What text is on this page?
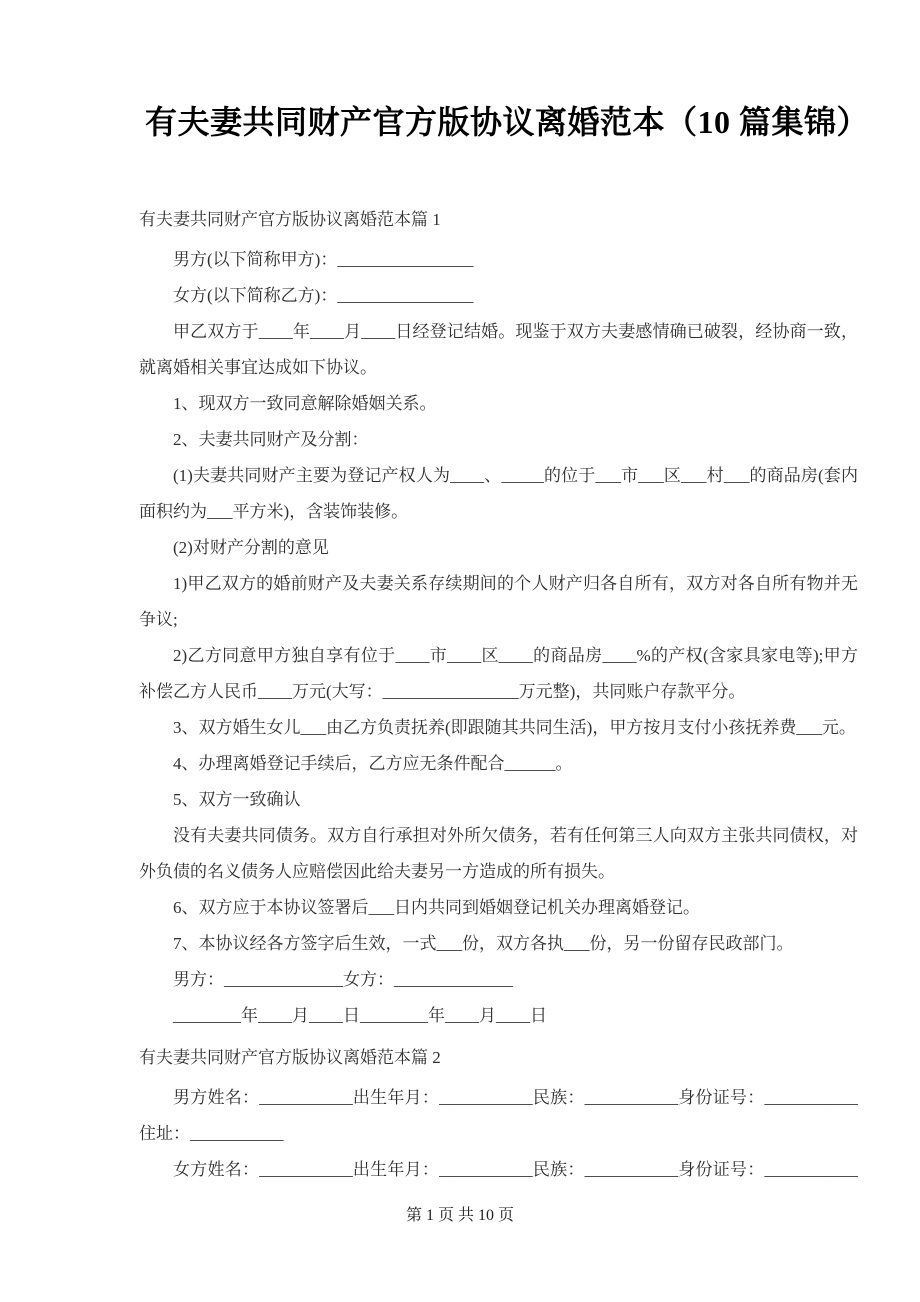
有夫妻共同财产官方版协议离婚范本（10 篇集锦）
有夫妻共同财产官方版协议离婚范本篇 1

男方(以下简称甲方)：________________

女方(以下简称乙方)：________________

甲乙双方于____年____月____日经登记结婚。现鉴于双方夫妻感情确已破裂，经协商一致，就离婚相关事宜达成如下协议。

1、现双方一致同意解除婚姻关系。

2、夫妻共同财产及分割：

(1)夫妻共同财产主要为登记产权人为____、_____的位于___市___区___村___的商品房(套内面积约为___平方米)，含装饰装修。

(2)对财产分割的意见

1)甲乙双方的婚前财产及夫妻关系存续期间的个人财产归各自所有，双方对各自所有物并无争议;

2)乙方同意甲方独自享有位于____市____区____的商品房____%的产权(含家具家电等);甲方补偿乙方人民币____万元(大写：________________万元整)，共同账户存款平分。

3、双方婚生女儿___由乙方负责抚养(即跟随其共同生活)，甲方按月支付小孩抚养费___元。

4、办理离婚登记手续后，乙方应无条件配合______。

5、双方一致确认

没有夫妻共同债务。双方自行承担对外所欠债务，若有任何第三人向双方主张共同债权，对外负债的名义债务人应赔偿因此给夫妻另一方造成的所有损失。

6、双方应于本协议签署后___日内共同到婚姻登记机关办理离婚登记。

7、本协议经各方签字后生效，一式___份，双方各执___份，另一份留存民政部门。

男方：______________女方：______________

________年____月____日________年____月____日

有夫妻共同财产官方版协议离婚范本篇 2

男方姓名：___________出生年月：___________民族：___________身份证号：___________

住址：___________

女方姓名：___________出生年月：___________民族：___________身份证号：___________

第 1 页 共 10 页
